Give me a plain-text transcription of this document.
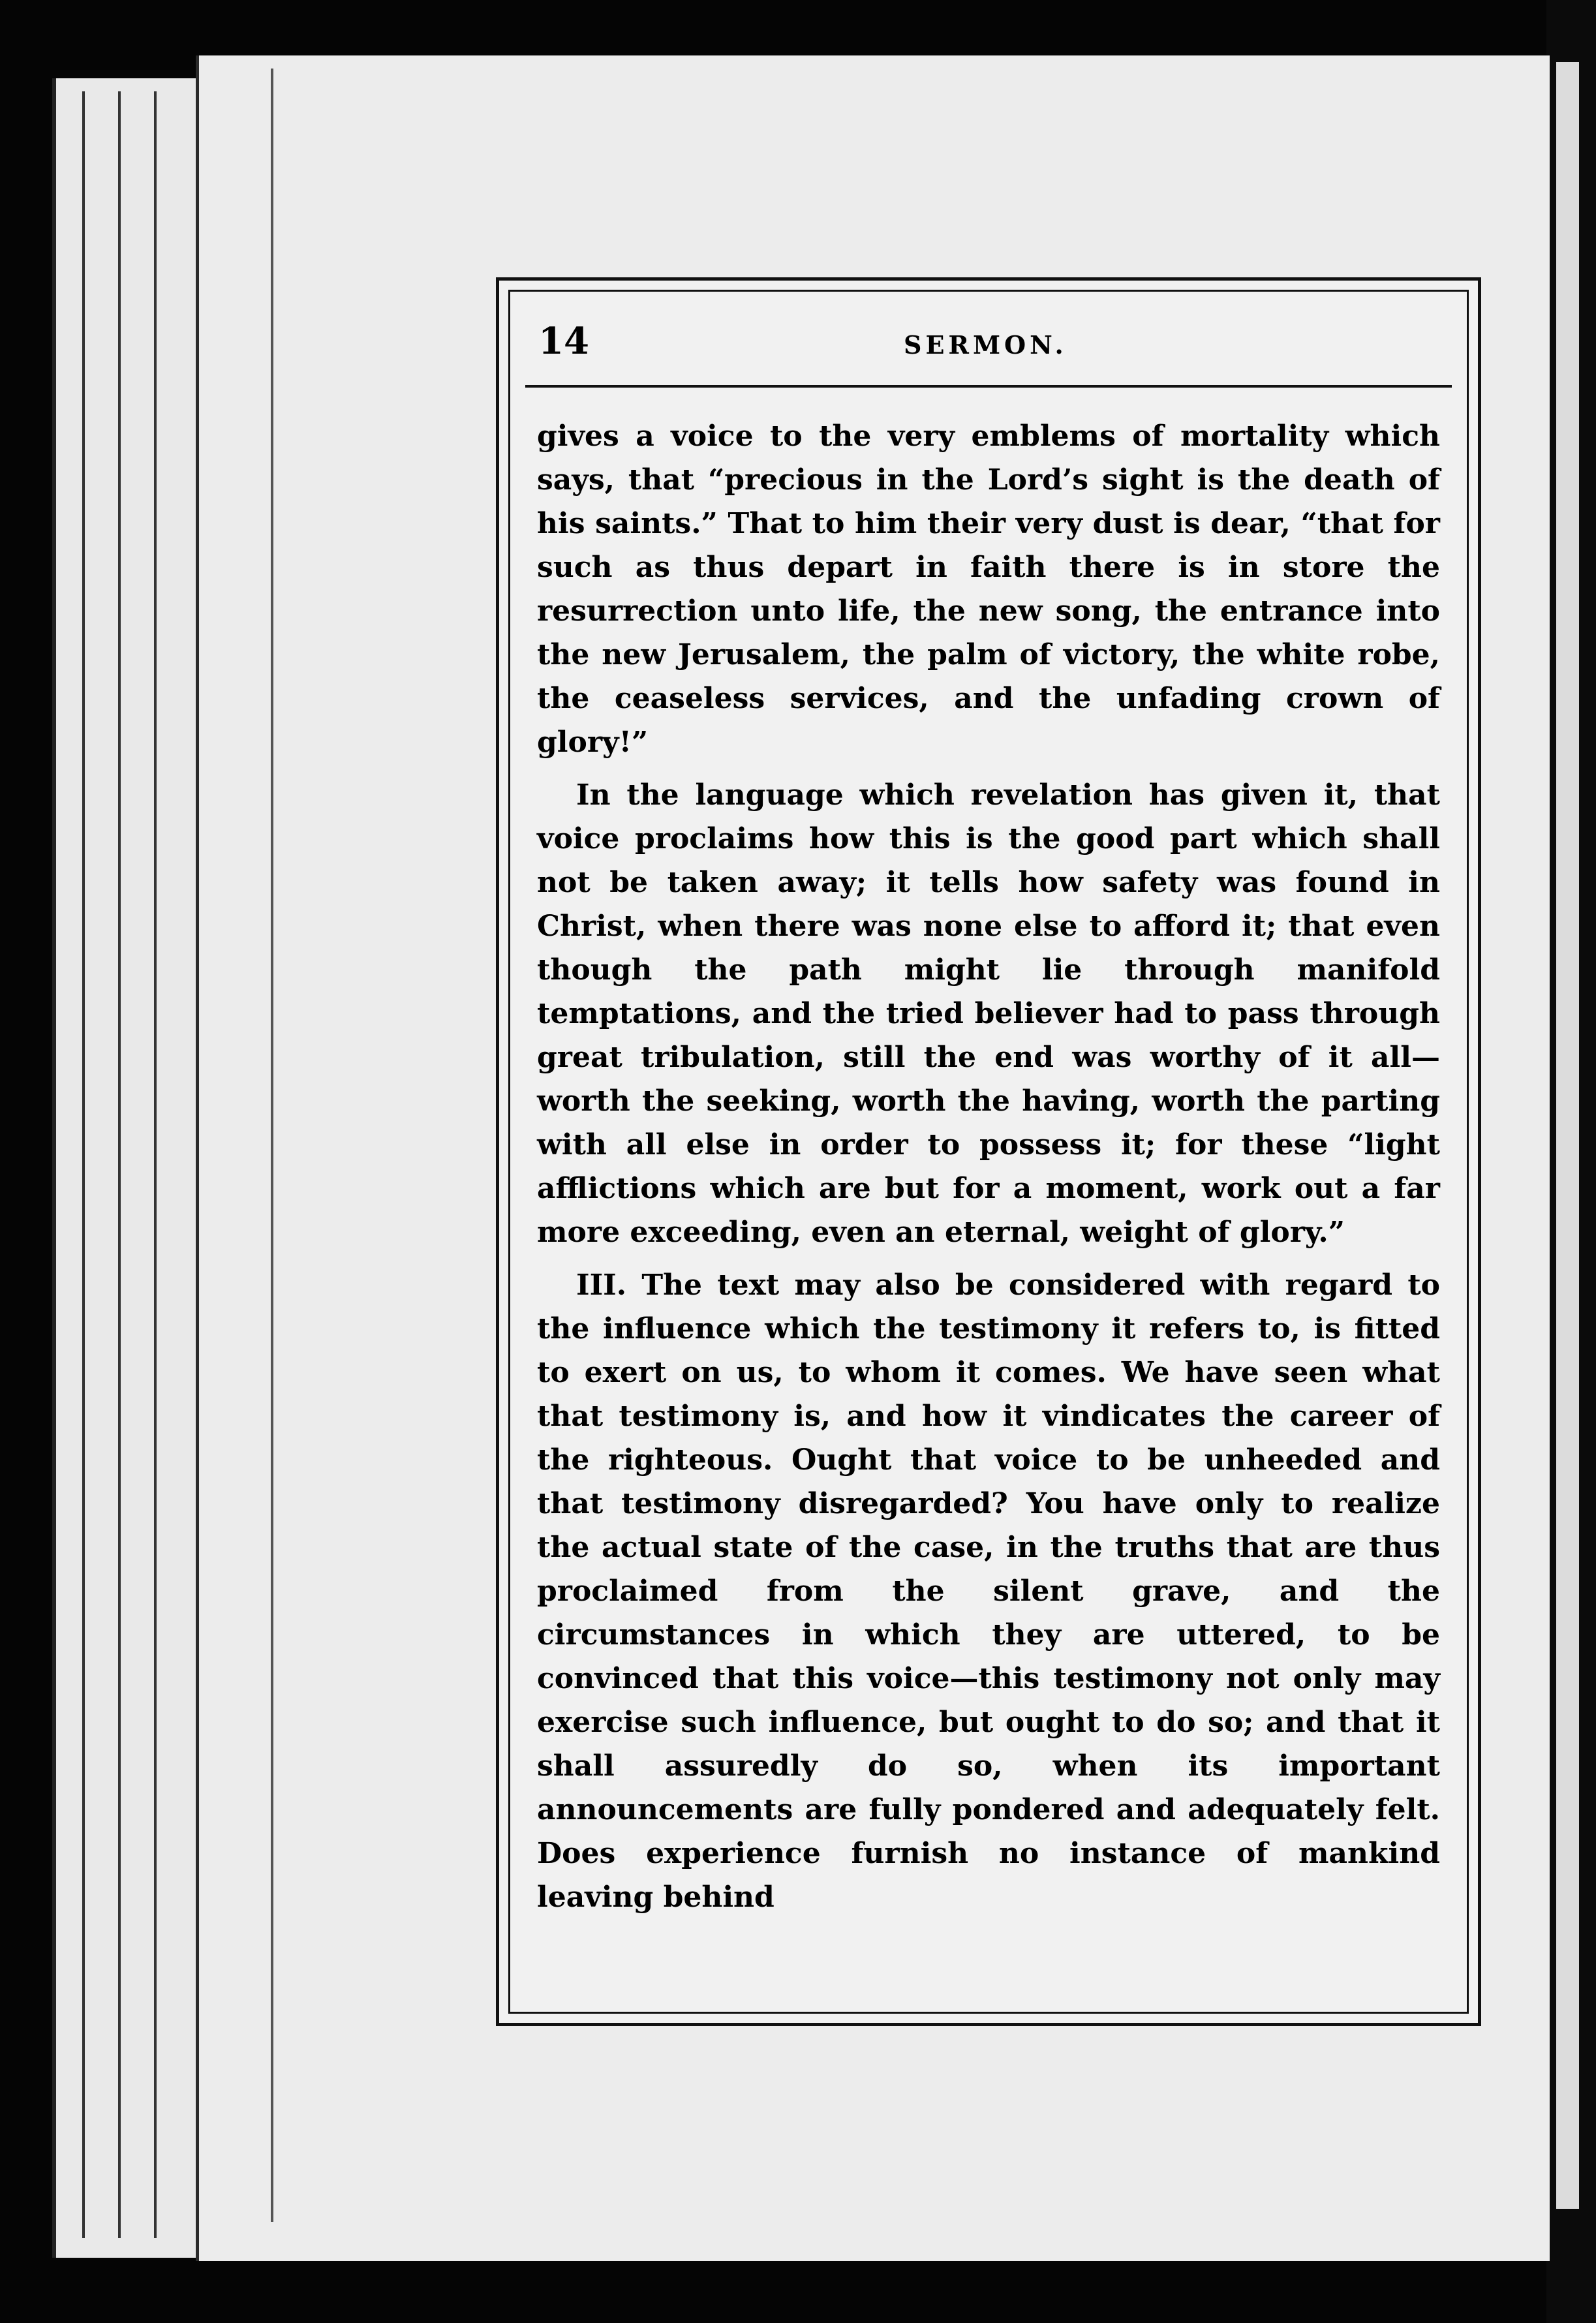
14	SERMON.

gives a voice to the very emblems of mortality which says, that “precious in the Lord’s sight is the death of his saints.” That to him their very dust is dear, “that for such as thus depart in faith there is in store the resurrection unto life, the new song, the entrance into the new Jerusalem, the palm of victory, the white robe, the ceaseless services, and the unfading crown of glory!”

In the language which revelation has given it, that voice proclaims how this is the good part which shall not be taken away; it tells how safety was found in Christ, when there was none else to afford it; that even though the path might lie through manifold temptations, and the tried believer had to pass through great tribulation, still the end was worthy of it all—worth the seeking, worth the having, worth the parting with all else in order to possess it; for these “light afflictions which are but for a moment, work out a far more exceeding, even an eternal, weight of glory.”

III. The text may also be considered with regard to the influence which the testimony it refers to, is fitted to exert on us, to whom it comes. We have seen what that testimony is, and how it vindicates the career of the righteous. Ought that voice to be unheeded and that testimony disregarded? You have only to realize the actual state of the case, in the truths that are thus proclaimed from the silent grave, and the circumstances in which they are uttered, to be convinced that this voice—this testimony not only may exercise such influence, but ought to do so; and that it shall assuredly do so, when its important announcements are fully pondered and adequately felt. Does experience furnish no instance of mankind leaving behind
